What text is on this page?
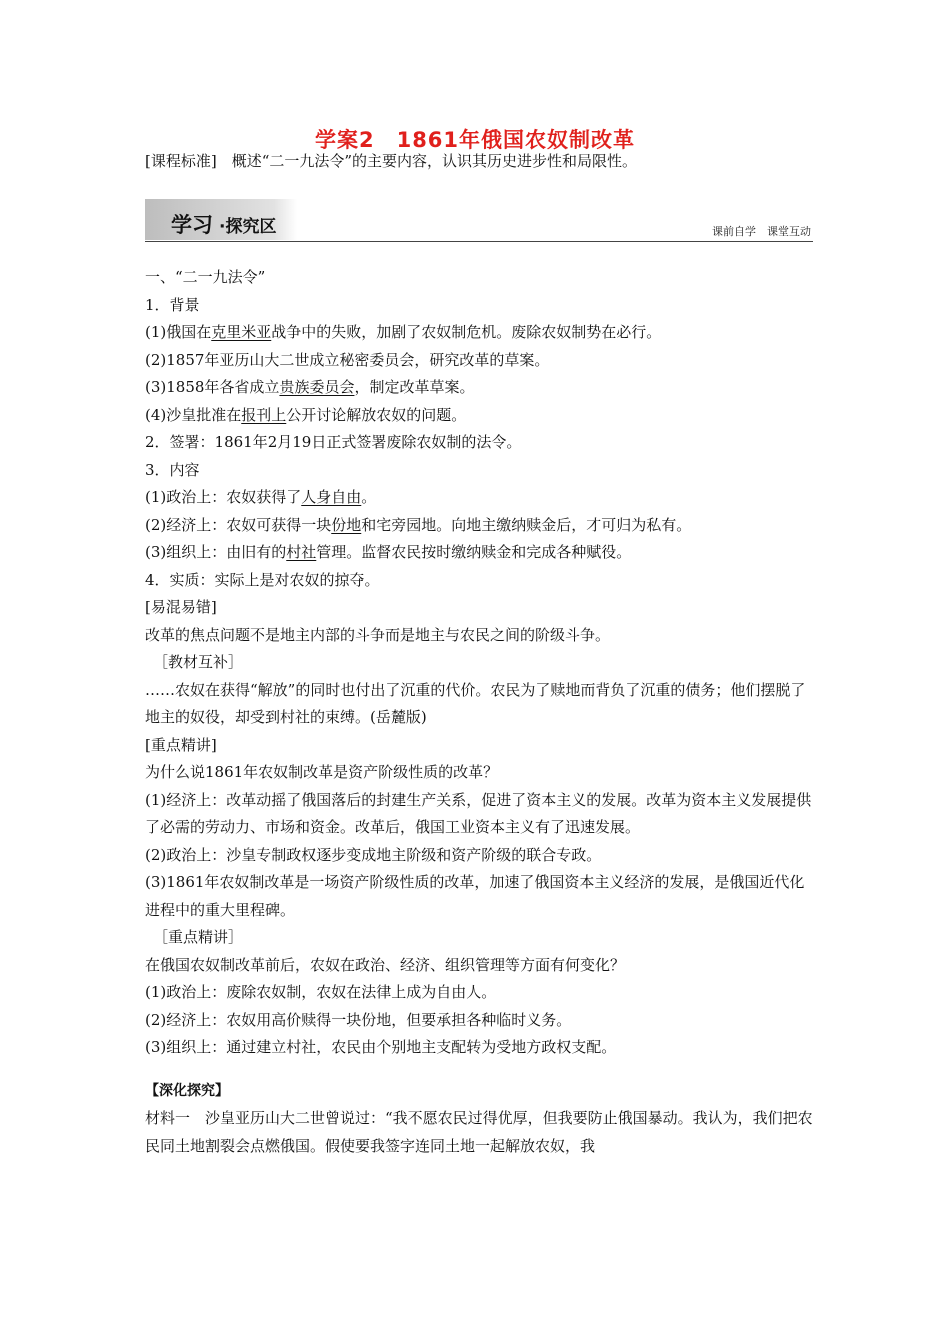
学案2　1861年俄国农奴制改革
[课程标准]　概述“二一九法令”的主要内容，认识其历史进步性和局限性。
学习 ·探究区	课前自学　课堂互动

一、“二一九法令”

1．背景

(1)俄国在克里米亚战争中的失败，加剧了农奴制危机。废除农奴制势在必行。

(2)1857年亚历山大二世成立秘密委员会，研究改革的草案。

(3)1858年各省成立贵族委员会，制定改革草案。

(4)沙皇批准在报刊上公开讨论解放农奴的问题。

2．签署：1861年2月19日正式签署废除农奴制的法令。

3．内容

(1)政治上：农奴获得了人身自由。

(2)经济上：农奴可获得一块份地和宅旁园地。向地主缴纳赎金后，才可归为私有。

(3)组织上：由旧有的村社管理。监督农民按时缴纳赎金和完成各种赋役。

4．实质：实际上是对农奴的掠夺。

[易混易错]

改革的焦点问题不是地主内部的斗争而是地主与农民之间的阶级斗争。

［教材互补］

……农奴在获得“解放”的同时也付出了沉重的代价。农民为了赎地而背负了沉重的债务；他们摆脱了地主的奴役，却受到村社的束缚。(岳麓版)

[重点精讲]

为什么说1861年农奴制改革是资产阶级性质的改革？

(1)经济上：改革动摇了俄国落后的封建生产关系，促进了资本主义的发展。改革为资本主义发展提供了必需的劳动力、市场和资金。改革后，俄国工业资本主义有了迅速发展。

(2)政治上：沙皇专制政权逐步变成地主阶级和资产阶级的联合专政。

(3)1861年农奴制改革是一场资产阶级性质的改革，加速了俄国资本主义经济的发展，是俄国近代化进程中的重大里程碑。

［重点精讲］

在俄国农奴制改革前后，农奴在政治、经济、组织管理等方面有何变化？

(1)政治上：废除农奴制，农奴在法律上成为自由人。

(2)经济上：农奴用高价赎得一块份地，但要承担各种临时义务。

(3)组织上：通过建立村社，农民由个别地主支配转为受地方政权支配。

【深化探究】

材料一　沙皇亚历山大二世曾说过：“我不愿农民过得优厚，但我要防止俄国暴动。我认为，我们把农民同土地割裂会点燃俄国。假使要我签字连同土地一起解放农奴，我
